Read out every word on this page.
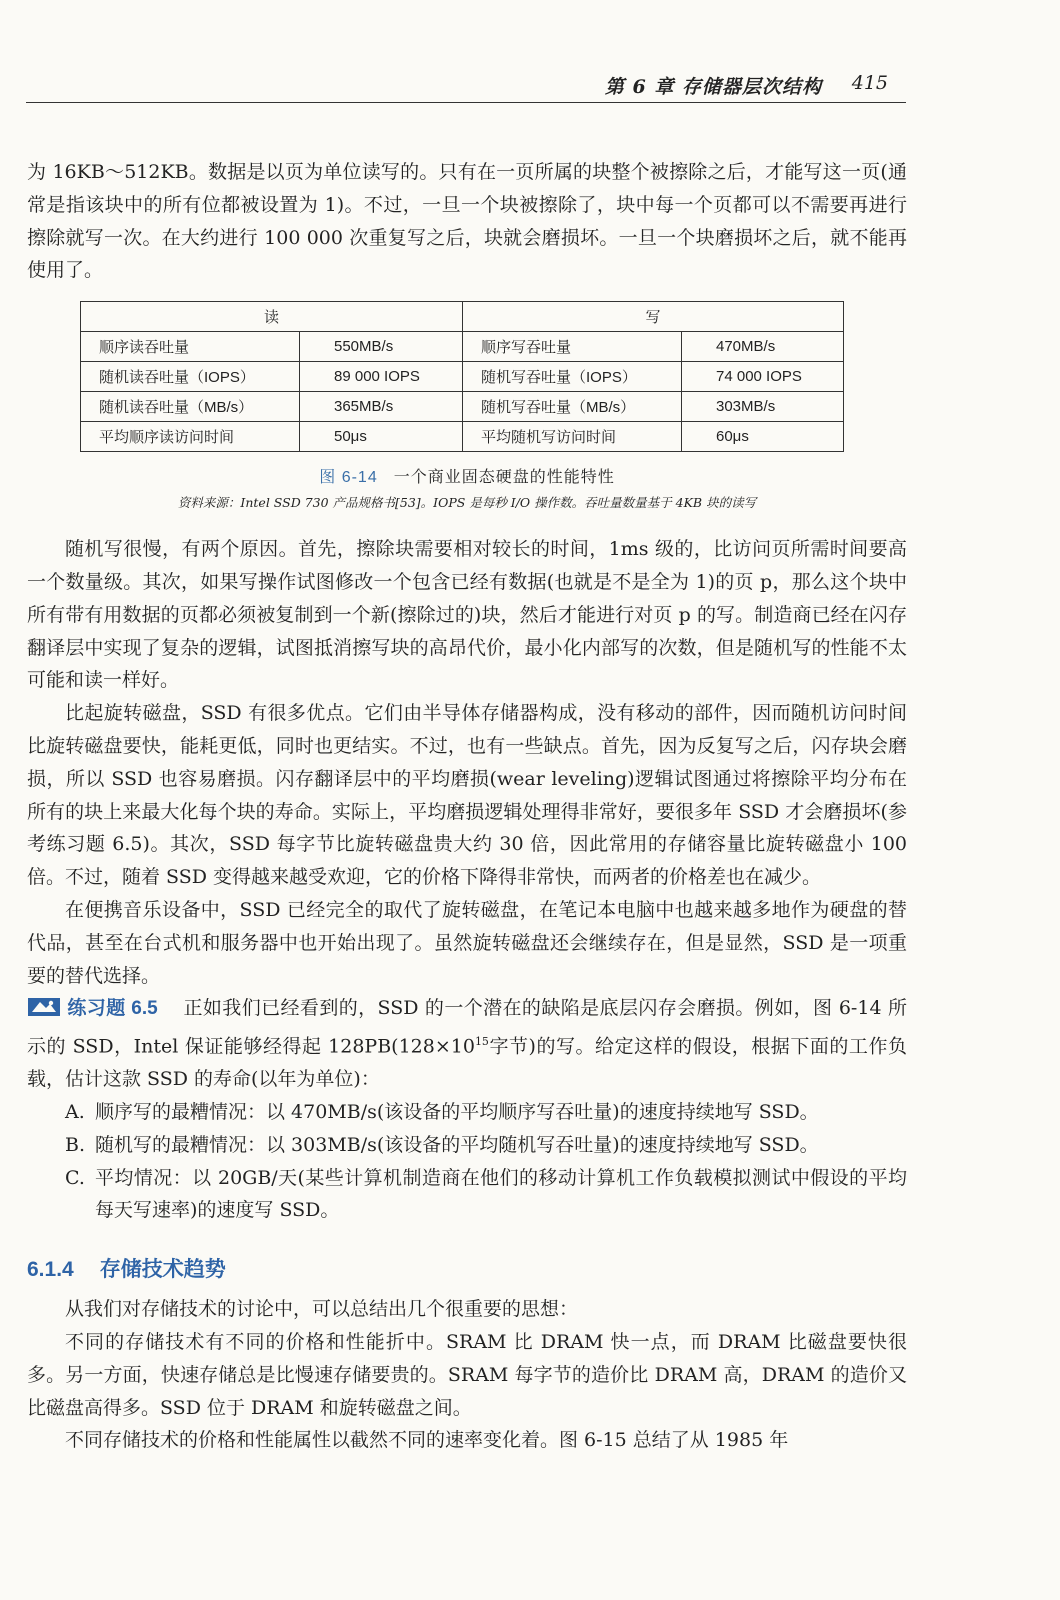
第 6 章 存储器层次结构 415

为 16KB～512KB。数据是以页为单位读写的。只有在一页所属的块整个被擦除之后，才能写这一页(通常是指该块中的所有位都被设置为 1)。不过，一旦一个块被擦除了，块中每一个页都可以不需要再进行擦除就写一次。在大约进行 100 000 次重复写之后，块就会磨损坏。一旦一个块磨损坏之后，就不能再使用了。

读		写	
顺序读吞吐量	550MB/s	顺序写吞吐量	470MB/s
随机读吞吐量（IOPS）	89 000 IOPS	随机写吞吐量（IOPS）	74 000 IOPS
随机读吞吐量（MB/s）	365MB/s	随机写吞吐量（MB/s）	303MB/s
平均顺序读访问时间	50μs	平均随机写访问时间	60μs
图 6-14 一个商业固态硬盘的性能特性
资料来源：Intel SSD 730 产品规格书[53]。IOPS 是每秒 I/O 操作数。吞吐量数量基于 4KB 块的读写

随机写很慢，有两个原因。首先，擦除块需要相对较长的时间，1ms 级的，比访问页所需时间要高一个数量级。其次，如果写操作试图修改一个包含已经有数据(也就是不是全为 1)的页 p，那么这个块中所有带有用数据的页都必须被复制到一个新(擦除过的)块，然后才能进行对页 p 的写。制造商已经在闪存翻译层中实现了复杂的逻辑，试图抵消擦写块的高昂代价，最小化内部写的次数，但是随机写的性能不太可能和读一样好。

比起旋转磁盘，SSD 有很多优点。它们由半导体存储器构成，没有移动的部件，因而随机访问时间比旋转磁盘要快，能耗更低，同时也更结实。不过，也有一些缺点。首先，因为反复写之后，闪存块会磨损，所以 SSD 也容易磨损。闪存翻译层中的平均磨损(wear leveling)逻辑试图通过将擦除平均分布在所有的块上来最大化每个块的寿命。实际上，平均磨损逻辑处理得非常好，要很多年 SSD 才会磨损坏(参考练习题 6.5)。其次，SSD 每字节比旋转磁盘贵大约 30 倍，因此常用的存储容量比旋转磁盘小 100 倍。不过，随着 SSD 变得越来越受欢迎，它的价格下降得非常快，而两者的价格差也在减少。

在便携音乐设备中，SSD 已经完全的取代了旋转磁盘，在笔记本电脑中也越来越多地作为硬盘的替代品，甚至在台式机和服务器中也开始出现了。虽然旋转磁盘还会继续存在，但是显然，SSD 是一项重要的替代选择。

练习题 6.5 正如我们已经看到的，SSD 的一个潜在的缺陷是底层闪存会磨损。例如，图 6-14 所示的 SSD，Intel 保证能够经得起 $128PB(128\times 10^{15}$字节)的写。给定这样的假设，根据下面的工作负载，估计这款 SSD 的寿命(以年为单位)：

A. 顺序写的最糟情况：以 470MB/s(该设备的平均顺序写吞吐量)的速度持续地写 SSD。

B. 随机写的最糟情况：以 303MB/s(该设备的平均随机写吞吐量)的速度持续地写 SSD。

C. 平均情况：以 20GB/天(某些计算机制造商在他们的移动计算机工作负载模拟测试中假设的平均每天写速率)的速度写 SSD。

6.1.4 存储技术趋势

从我们对存储技术的讨论中，可以总结出几个很重要的思想：

不同的存储技术有不同的价格和性能折中。SRAM 比 DRAM 快一点，而 DRAM 比磁盘要快很多。另一方面，快速存储总是比慢速存储要贵的。SRAM 每字节的造价比 DRAM 高，DRAM 的造价又比磁盘高得多。SSD 位于 DRAM 和旋转磁盘之间。

不同存储技术的价格和性能属性以截然不同的速率变化着。图 6-15 总结了从 1985 年
